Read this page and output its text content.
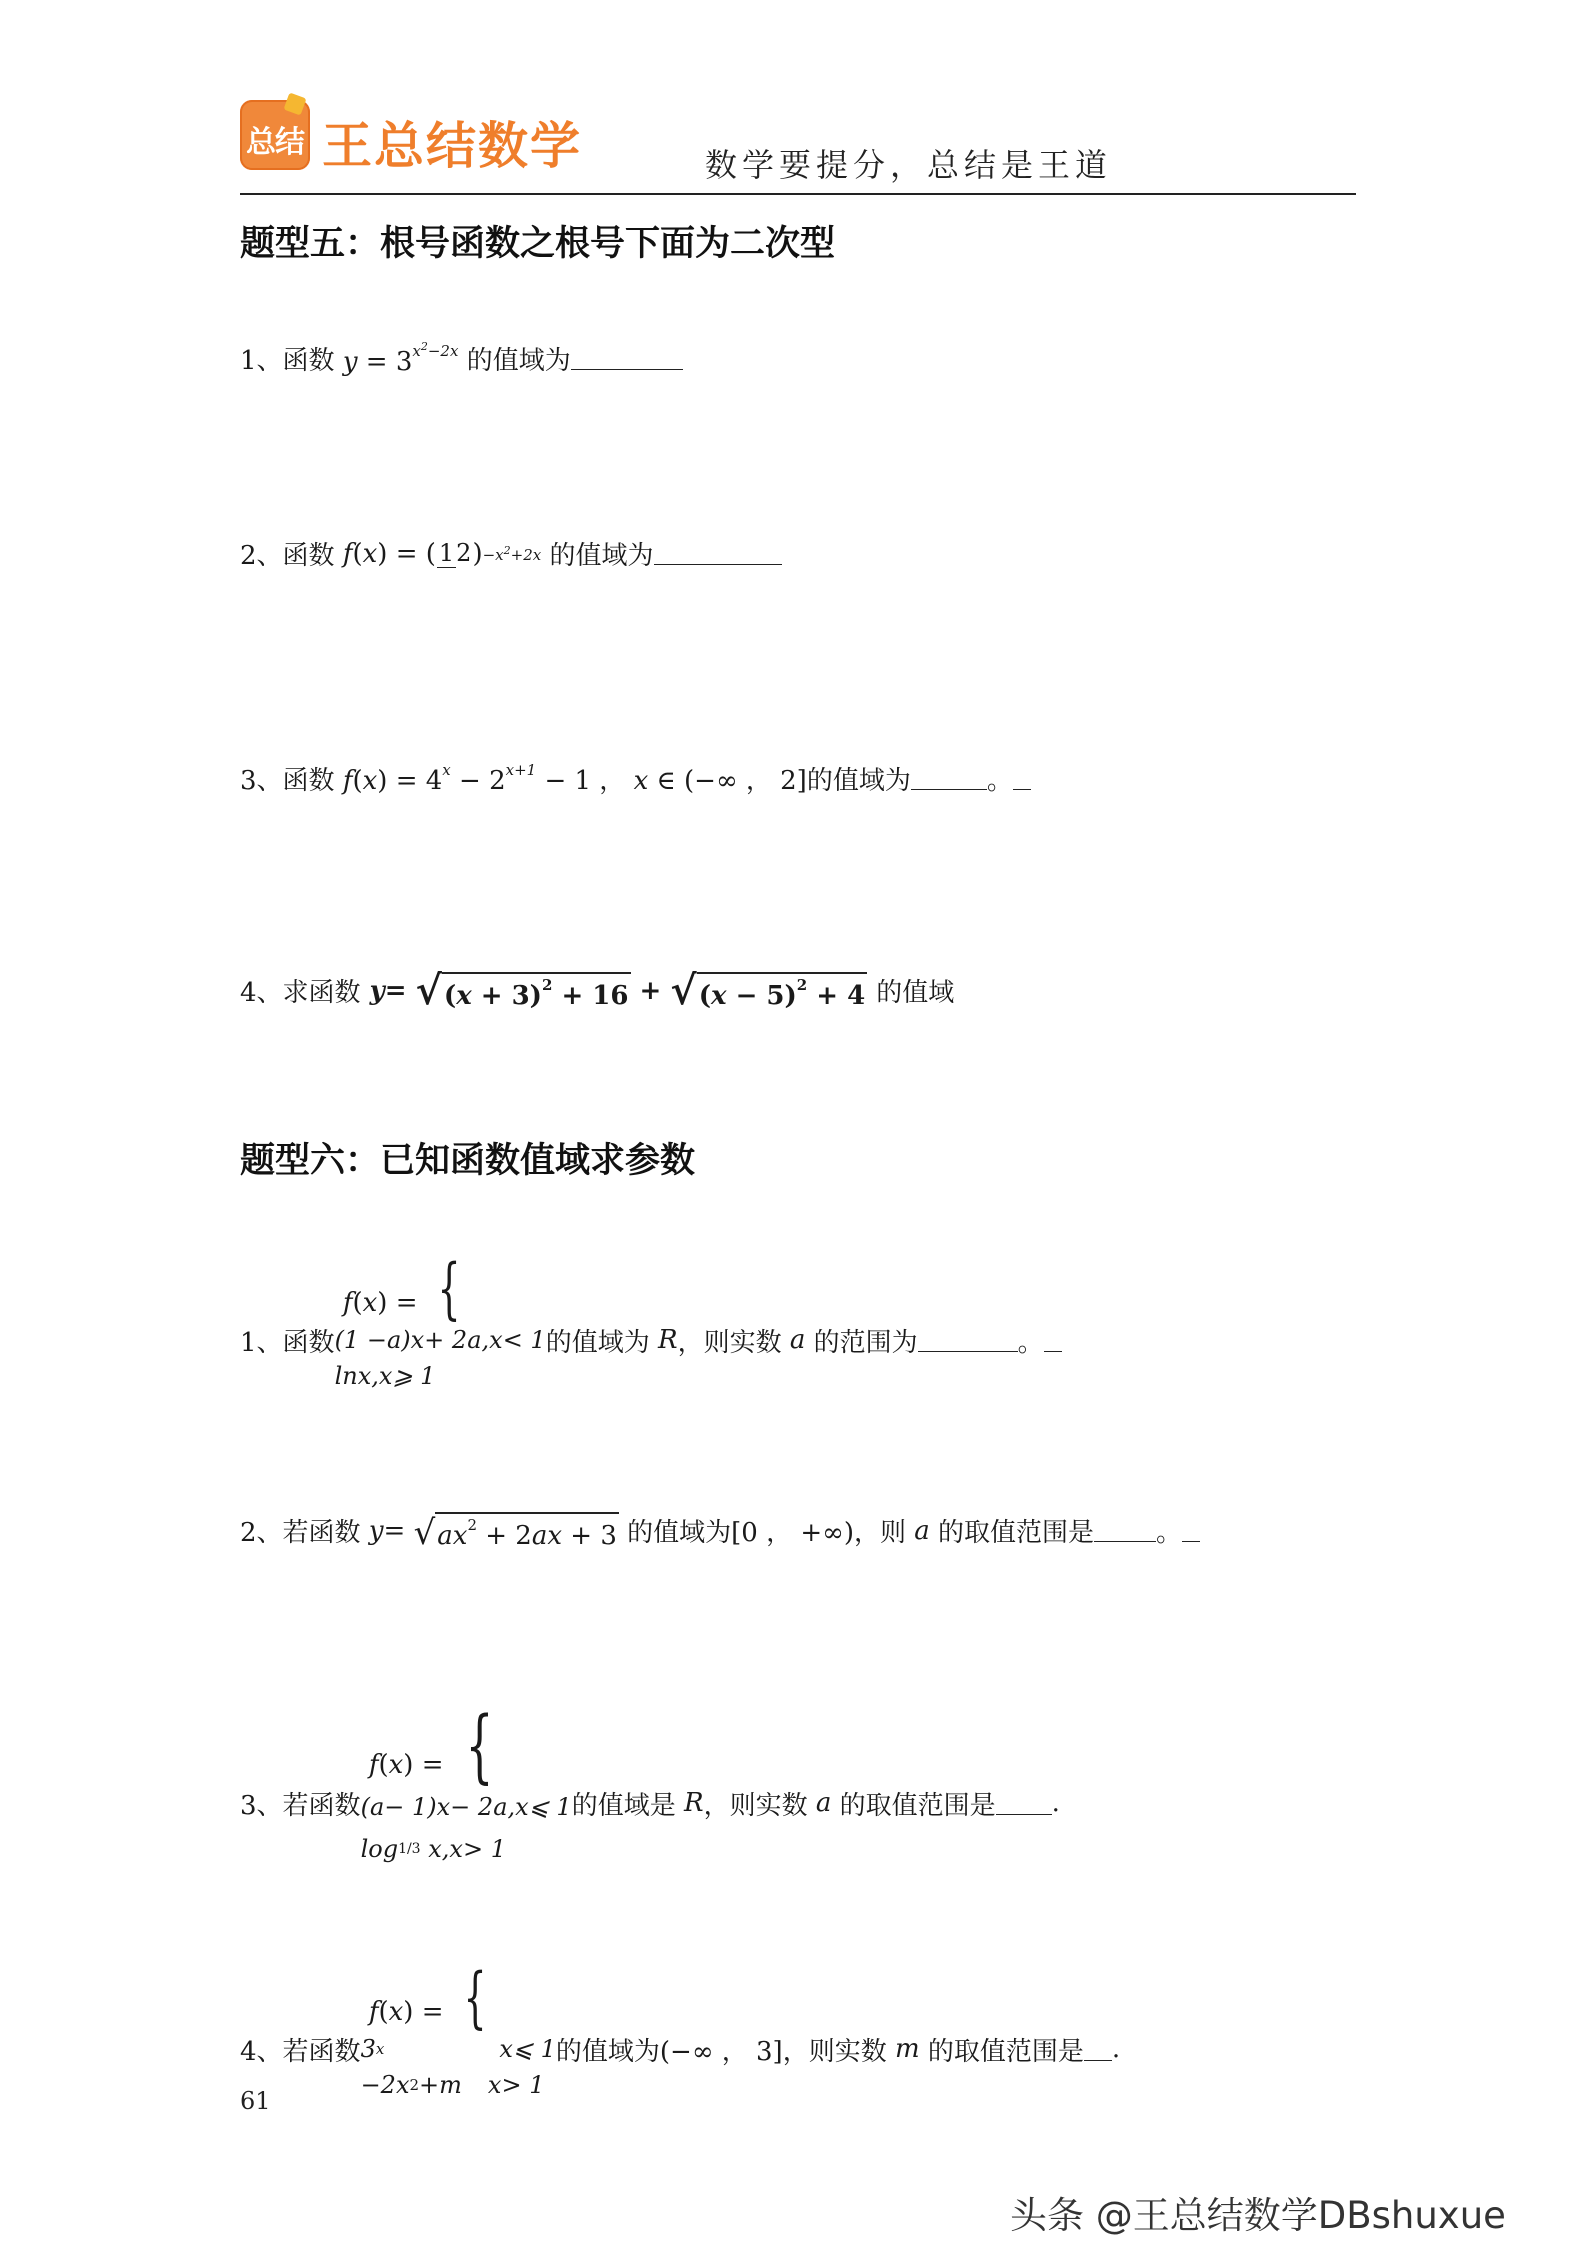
总结 王总结数学	数学要提分，总结是王道
题型五：根号函数之根号下面为二次型
1、 函数 y = 3x2−2x 的值域为
2、 函数
f ( x ) = ( 12 ) −x2+2x
的值域为
3、 函数 f(x) = 4x − 2x+1 − 1 ， x ∈ (−∞ ， 2] 的值域为	。
4、 求函数
y = √(x + 3)2 + 16 + √(x − 5)2 + 4
的值域
题型六：已知函数值域求参数
1、 函数
f(x) =  {
(1 − a ) x + 2 a , x < 1
ln x , x ⩾ 1

的值域为 R ，则实数 a 的范围为	。
2、 若函数
y = √ax2 + 2ax + 3
的值域为 [0 ， +∞) ，则 a 的取值范围是 。
3、 若函数
f(x) =  {
( a − 1) x − 2 a , x ⩽ 1
log 1/3
x , x > 1

的值域是 R ，则实数 a 的取值范围是 .
4、 若函数
f(x) =  {
3 x	x ⩽ 1
−2 x 2 + m x > 1

的值域为 (−∞ ， 3] ，则实数 m 的取值范围是 .
61
头条 @王总结数学DBshuxue
